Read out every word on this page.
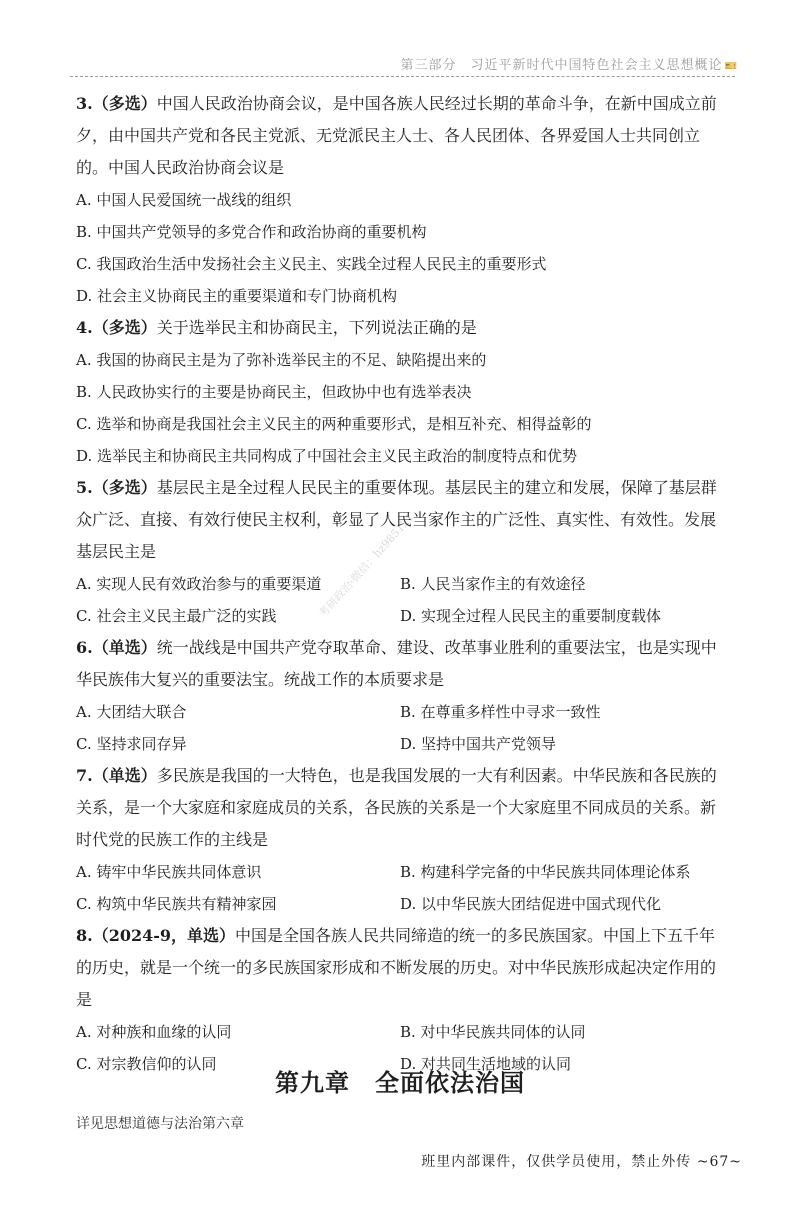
第三部分　习近平新时代中国特色社会主义思想概论 🎫
考研政治·微信：hz985121

3.（多选）中国人民政治协商会议，是中国各族人民经过长期的革命斗争，在新中国成立前夕，由中国共产党和各民主党派、无党派民主人士、各人民团体、各界爱国人士共同创立的。中国人民政治协商会议是

A. 中国人民爱国统一战线的组织
B. 中国共产党领导的多党合作和政治协商的重要机构
C. 我国政治生活中发扬社会主义民主、实践全过程人民民主的重要形式
D. 社会主义协商民主的重要渠道和专门协商机构

4.（多选）关于选举民主和协商民主，下列说法正确的是

A. 我国的协商民主是为了弥补选举民主的不足、缺陷提出来的
B. 人民政协实行的主要是协商民主，但政协中也有选举表决
C. 选举和协商是我国社会主义民主的两种重要形式，是相互补充、相得益彰的
D. 选举民主和协商民主共同构成了中国社会主义民主政治的制度特点和优势

5.（多选）基层民主是全过程人民民主的重要体现。基层民主的建立和发展，保障了基层群众广泛、直接、有效行使民主权利，彰显了人民当家作主的广泛性、真实性、有效性。发展基层民主是

A. 实现人民有效政治参与的重要渠道	B. 人民当家作主的有效途径
C. 社会主义民主最广泛的实践	D. 实现全过程人民民主的重要制度载体

6.（单选）统一战线是中国共产党夺取革命、建设、改革事业胜利的重要法宝，也是实现中华民族伟大复兴的重要法宝。统战工作的本质要求是

A. 大团结大联合	B. 在尊重多样性中寻求一致性
C. 坚持求同存异	D. 坚持中国共产党领导

7.（单选）多民族是我国的一大特色，也是我国发展的一大有利因素。中华民族和各民族的关系，是一个大家庭和家庭成员的关系，各民族的关系是一个大家庭里不同成员的关系。新时代党的民族工作的主线是

A. 铸牢中华民族共同体意识	B. 构建科学完备的中华民族共同体理论体系
C. 构筑中华民族共有精神家园	D. 以中华民族大团结促进中国式现代化

8.（2024-9，单选）中国是全国各族人民共同缔造的统一的多民族国家。中国上下五千年的历史，就是一个统一的多民族国家形成和不断发展的历史。对中华民族形成起决定作用的是

A. 对种族和血缘的认同	B. 对中华民族共同体的认同
C. 对宗教信仰的认同	D. 对共同生活地域的认同
第九章　全面依法治国
详见思想道德与法治第六章
班里内部课件，仅供学员使用，禁止外传 ~67~
